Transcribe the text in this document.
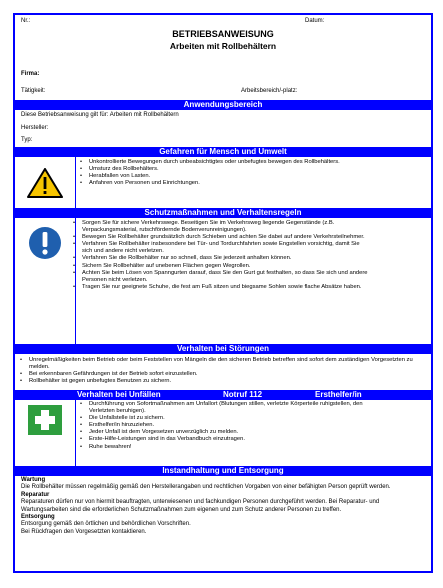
Nr.:	Datum:
BETRIEBSANWEISUNG
Arbeiten mit Rollbehältern
Firma:
Tätigkeit:	Arbeitsbereich/-platz:
Anwendungsbereich
Diese Betriebsanweisung gilt für: Arbeiten mit Rollbehältern
Hersteller:
Typ:
Gefahren für Mensch und Umwelt
• Unkontrollierte Bewegungen durch unbeabsichtigtes oder unbefugtes bewegen des Rollbehälters.
• Umsturz des Rollbehälters.
• Herabfallen von Lasten.
• Anfahren von Personen und Einrichtungen.
Schutzmaßnahmen und Verhaltensregeln
• Sorgen Sie für sichere Verkehrswege. Beseitigen Sie im Verkehrsweg liegende Gegenstände (z.B. Verpackungsmaterial, rutschfördernde Bodenverunreinigungen).
• Bewegen Sie Rollbehälter grundsätzlich durch Schieben und achten Sie dabei auf andere Verkehrsteilnehmer.
• Verfahren Sie Rollbehälter insbesondere bei Tür- und Tordurchfahrten sowie Engstellen vorsichtig, damit Sie sich und andere nicht verletzen.
• Verfahren Sie die Rollbehälter nur so schnell, dass Sie jederzeit anhalten können.
• Sichern Sie Rollbehälter auf unebenen Flächen gegen Wegrollen.
• Achten Sie beim Lösen von Spanngurten darauf, dass Sie den Gurt gut festhalten, so dass Sie sich und andere Personen nicht verletzen.
• Tragen Sie nur geeignete Schuhe, die fest am Fuß sitzen und biegsame Sohlen sowie flache Absätze haben.
Verhalten bei Störungen
• Unregelmäßigkeiten beim Betrieb oder beim Feststellen von Mängeln die den sicheren Betrieb betreffen sind sofort dem zuständigen Vorgesetzten zu melden.
• Bei erkennbaren Gefährdungen ist der Betrieb sofort einzustellen.
• Rollbehälter ist gegen unbefugtes Benutzen zu sichern.
Verhalten bei Unfällen	Notruf 112	Ersthelfer/in
• Durchführung von Sofortmaßnahmen am Unfallort (Blutungen stillen, verletzte Körperteile ruhigstellen, den Verletzten beruhigen).
• Die Unfallstelle ist zu sichern.
• Ersthelfer/in hinzuziehen.
• Jeder Unfall ist dem Vorgesetzen unverzüglich zu melden.
• Erste-Hilfe-Leistungen sind in das Verbandbuch einzutragen.
• Ruhe bewahren!
Instandhaltung und Entsorgung
Wartung
Die Rollbehälter müssen regelmäßig gemäß den Herstellerangaben und rechtlichen Vorgaben von einer befähigten Person geprüft werden.
Reparatur
Reparaturen dürfen nur von hiermit beauftragten, unterwiesenen und fachkundigen Personen durchgeführt werden. Bei Reparatur- und Wartungsarbeiten sind die erforderlichen Schutzmaßnahmen zum eigenen und zum Schutz anderer Personen zu treffen.
Entsorgung
Entsorgung gemäß den örtlichen und behördlichen Vorschriften.
Bei Rückfragen den Vorgesetzten kontaktieren.
